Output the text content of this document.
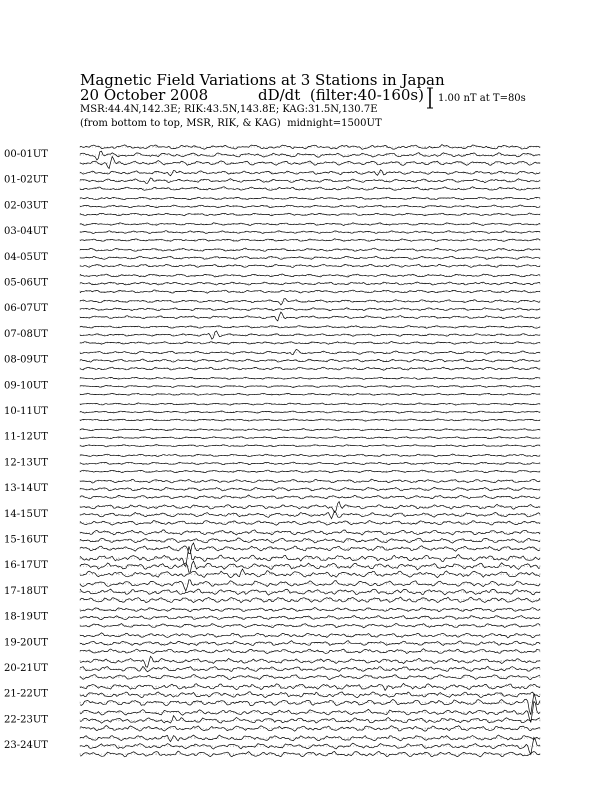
Magnetic Field Variations at 3 Stations in Japan
20 October 2008	dD/dt (filter:40-160s)
MSR:44.4N,142.3E; RIK:43.5N,143.8E; KAG:31.5N,130.7E
(from bottom to top, MSR, RIK, & KAG) midnight=1500UT
1.00 nT at T=80s
00-01UT
01-02UT
02-03UT
03-04UT
04-05UT
05-06UT
06-07UT
07-08UT
08-09UT
09-10UT
10-11UT
11-12UT
12-13UT
13-14UT
14-15UT
15-16UT
16-17UT
17-18UT
18-19UT
19-20UT
20-21UT
21-22UT
22-23UT
23-24UT
